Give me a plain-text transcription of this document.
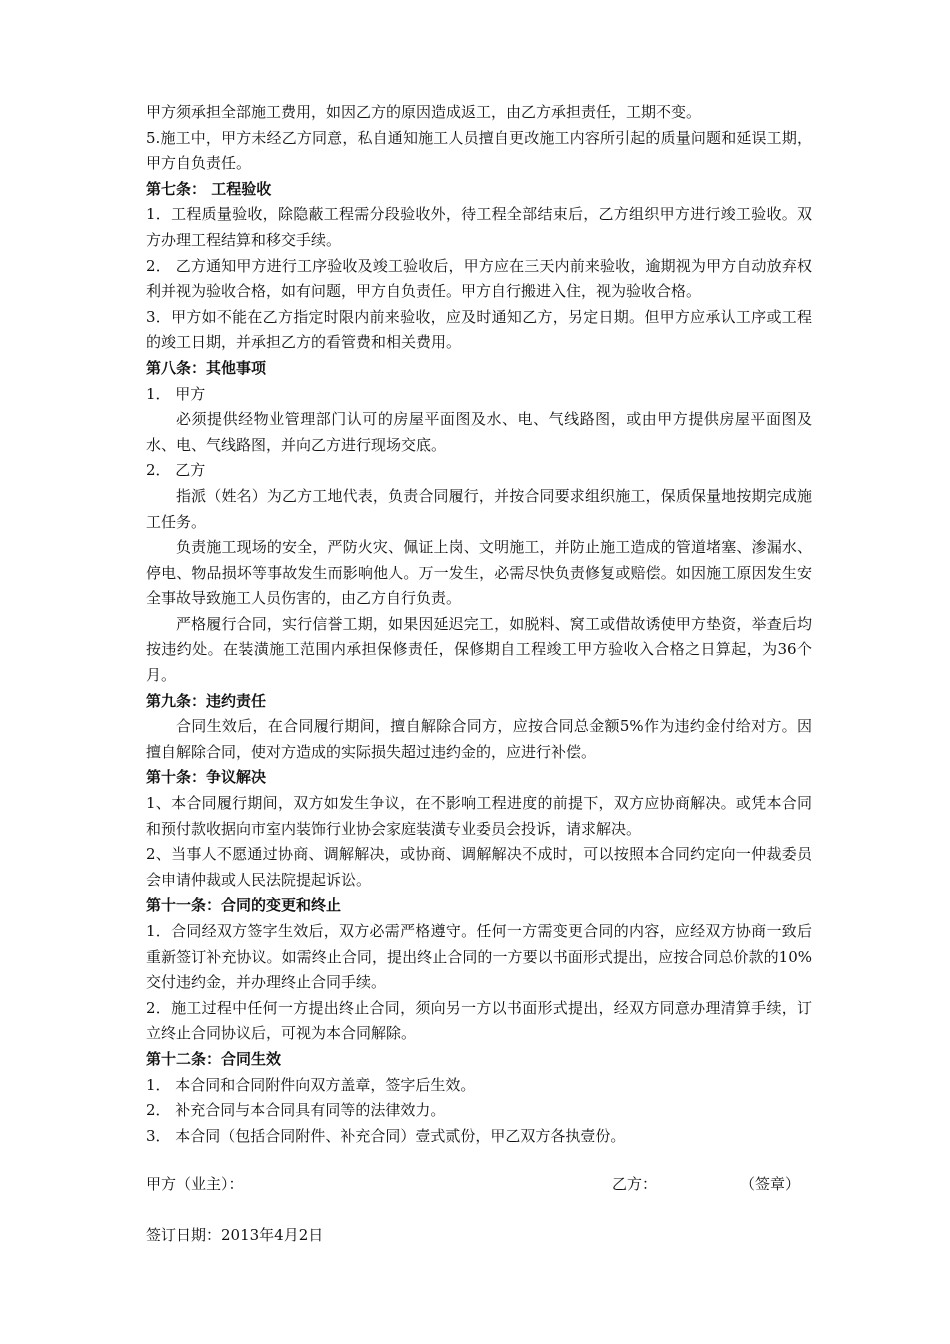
甲方须承担全部施工费用，如因乙方的原因造成返工，由乙方承担责任，工期不变。

5.施工中，甲方未经乙方同意，私自通知施工人员擅自更改施工内容所引起的质量问题和延误工期，甲方自负责任。

第七条： 工程验收

1．工程质量验收，除隐蔽工程需分段验收外，待工程全部结束后，乙方组织甲方进行竣工验收。双方办理工程结算和移交手续。

2． 乙方通知甲方进行工序验收及竣工验收后，甲方应在三天内前来验收，逾期视为甲方自动放弃权利并视为验收合格，如有问题，甲方自负责任。甲方自行搬进入住，视为验收合格。

3．甲方如不能在乙方指定时限内前来验收，应及时通知乙方，另定日期。但甲方应承认工序或工程的竣工日期，并承担乙方的看管费和相关费用。

第八条：其他事项

1． 甲方

必须提供经物业管理部门认可的房屋平面图及水、电、气线路图，或由甲方提供房屋平面图及水、电、气线路图，并向乙方进行现场交底。

2． 乙方

指派（姓名）为乙方工地代表，负责合同履行，并按合同要求组织施工，保质保量地按期完成施工任务。

负责施工现场的安全，严防火灾、佩证上岗、文明施工，并防止施工造成的管道堵塞、渗漏水、停电、物品损坏等事故发生而影响他人。万一发生，必需尽快负责修复或赔偿。如因施工原因发生安全事故导致施工人员伤害的，由乙方自行负责。

严格履行合同，实行信誉工期，如果因延迟完工，如脱料、窝工或借故诱使甲方垫资，举查后均按违约处。在装潢施工范围内承担保修责任，保修期自工程竣工甲方验收入合格之日算起，为36个月。

第九条：违约责任

合同生效后，在合同履行期间，擅自解除合同方，应按合同总金额5%作为违约金付给对方。因擅自解除合同，使对方造成的实际损失超过违约金的，应进行补偿。

第十条：争议解决

1、本合同履行期间，双方如发生争议，在不影响工程进度的前提下，双方应协商解决。或凭本合同和预付款收据向市室内装饰行业协会家庭装潢专业委员会投诉，请求解决。

2、当事人不愿通过协商、调解解决，或协商、调解解决不成时，可以按照本合同约定向一仲裁委员会申请仲裁或人民法院提起诉讼。

第十一条：合同的变更和终止

1．合同经双方签字生效后，双方必需严格遵守。任何一方需变更合同的内容，应经双方协商一致后重新签订补充协议。如需终止合同，提出终止合同的一方要以书面形式提出，应按合同总价款的10%交付违约金，并办理终止合同手续。

2．施工过程中任何一方提出终止合同，须向另一方以书面形式提出，经双方同意办理清算手续，订立终止合同协议后，可视为本合同解除。

第十二条：合同生效

1． 本合同和合同附件向双方盖章，签字后生效。

2． 补充合同与本合同具有同等的法律效力。

3． 本合同（包括合同附件、补充合同）壹式贰份，甲乙双方各执壹份。

甲方（业主）：	乙方：	（签章）
签订日期：2013年4月2日
